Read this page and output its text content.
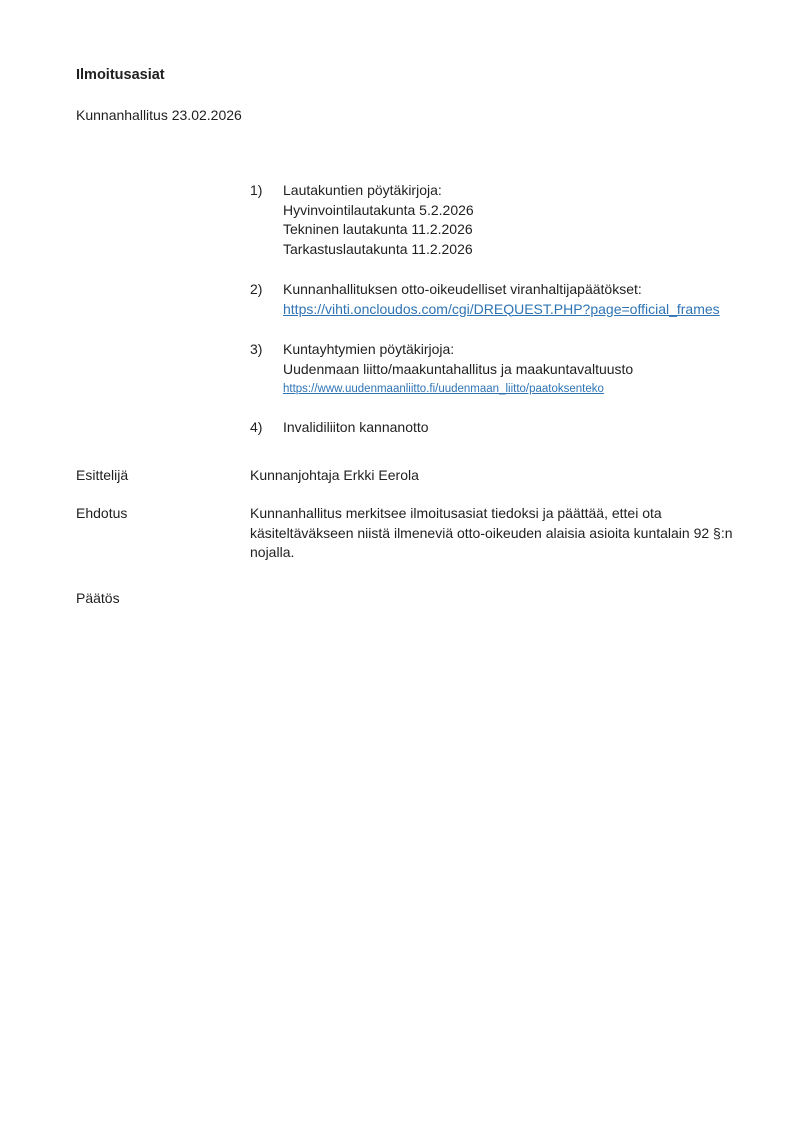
Ilmoitusasiat
Kunnanhallitus 23.02.2026
1)	Lautakuntien pöytäkirjoja:
Hyvinvointilautakunta 5.2.2026
Tekninen lautakunta 11.2.2026
Tarkastuslautakunta 11.2.2026
2)	Kunnanhallituksen otto-oikeudelliset viranhaltijapäätökset:
https://vihti.oncloudos.com/cgi/DREQUEST.PHP?page=official_frames
3)	Kuntayhtymien pöytäkirjoja:
Uudenmaan liitto/maakuntahallitus ja maakuntavaltuusto
https://www.uudenmaanliitto.fi/uudenmaan_liitto/paatoksenteko
4)	Invalidiliiton kannanotto
Esittelijä	Kunnanjohtaja Erkki Eerola
Ehdotus	Kunnanhallitus merkitsee ilmoitusasiat tiedoksi ja päättää, ettei ota käsiteltäväkseen niistä ilmeneviä otto-oikeuden alaisia asioita kuntalain 92 §:n nojalla.
Päätös
